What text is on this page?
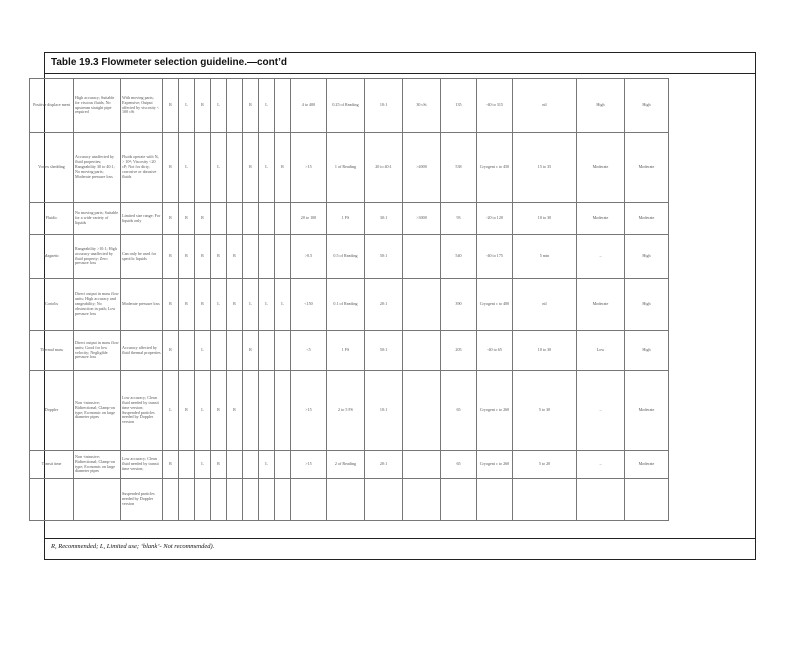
Table 19.3 Flowmeter selection guideline.—cont’d
R, Recommended; L, Limited use; ‘blank’- Not recommended).
Positive displace ment	High accuracy; Suitable for viscous fluids; No upstream straight pipe required	With moving parts; Expensive; Output affected by viscosity < 100 cSt	R	L	R	L		R	L		4 to 400	0.25 of Reading	10:1	30 cSt	135	-40 to 315	nil	High	High
Vortex shedding	Accuracy unaffected by fluid properties; Rangeability 30 to 40:1; No moving parts; Moderate pressure loss	Fluids operate with Nₑ > 10⁴; Viscosity <20 cP; Not for dirty, corrosive or abrasive fluids	R	L		L		R	L	R	>15	1 of Reading	20 to 40:1	>4000	538	Cryogeni c to 450	15 to 35	Moderate	Moderate
Fluidic	No moving parts; Suitable for a wide variety of liquids	Limited size range; For liquids only	R	R	R						20 to 100	1 FS	30:1	>3000	93	-20 to 120	10 to 30	Moderate	Moderate
Magnetic	Rangeability >10:1; High accuracy unaffected by fluid property; Zero pressure loss	Can only be used for specific liquids	R	R	R	R	R				>0.5	0.5 of Reading	50:1		540	-40 to 175	5 min	–	High
Coriolis	Direct output in mass flow units; High accuracy and rangeability; No obstruction in path; Low pressure loss	Moderate pressure loss	R	R	R	L	R	L	L	L	<150	0.1 of Reading	20:1		390	Cryogeni c to 400	nil	Moderate	High
Thermal mass	Direct output in mass flow units; Good for low velocity; Negligible pressure loss	Accuracy affected by fluid thermal properties	R		L			R			<5	1 FS	50:1		205	-40 to 65	10 to 30	Low	High
Doppler	Non -intrusive; Bidirectional; Clamp-on type; Economic on large diameter pipes	Low accuracy; Clean fluid needed by transit time version; Suspended particles needed by Doppler version	L	R	L	R	R				>15	2 to 5 FS	10:1		65	Cryogeni c to 260	5 to 30	–	Moderate
Transit time	Non -intrusive; Bidirectional; Clamp-on type; Economic on large diameter pipes	Low accuracy; Clean fluid needed by transit time version;	R		L	R			L		>15	2 of Reading	20:1		65	Cryogeni c to 260	5 to 20	–	Moderate
		Suspended particles needed by Doppler version																	
